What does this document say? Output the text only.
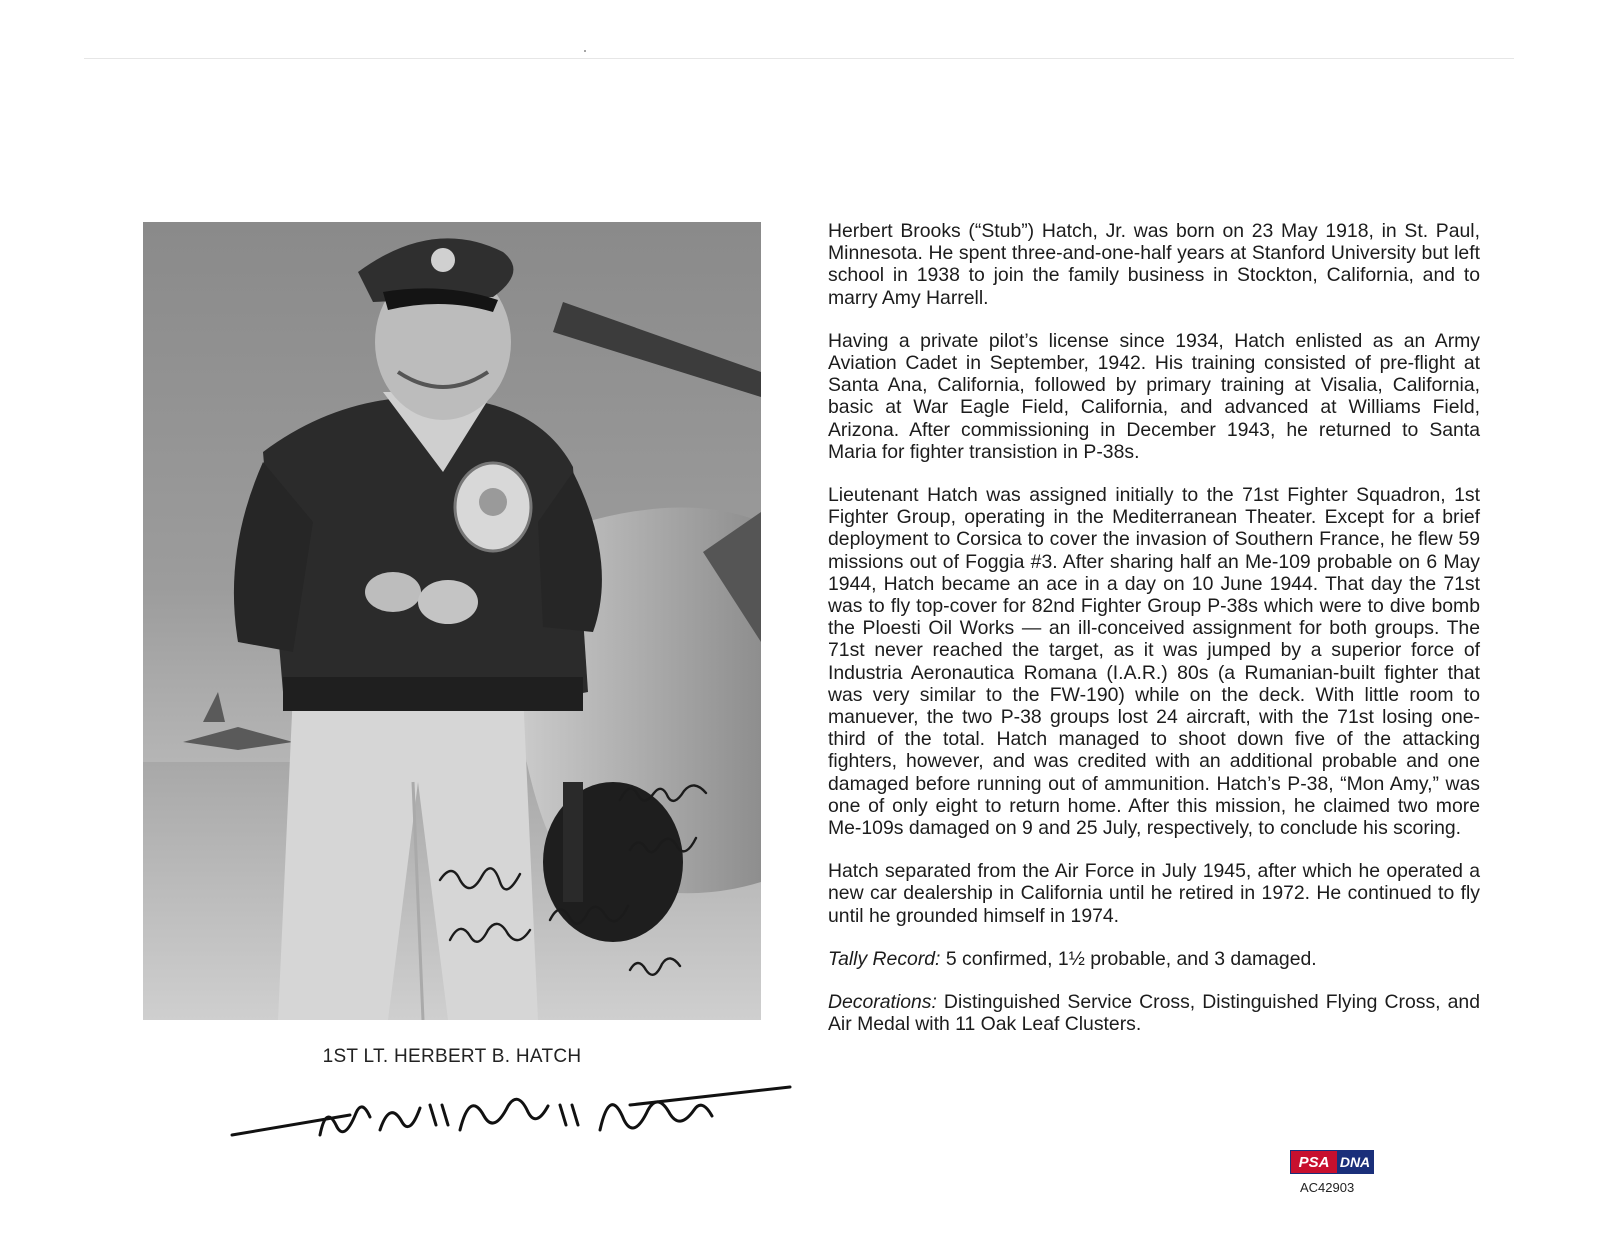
1ST LT. HERBERT B. HATCH

Herbert Brooks (“Stub”) Hatch, Jr. was born on 23 May 1918, in St. Paul, Minnesota. He spent three-and-one-half years at Stanford University but left school in 1938 to join the family business in Stockton, California, and to marry Amy Harrell.

Having a private pilot’s license since 1934, Hatch enlisted as an Army Aviation Cadet in September, 1942. His training consisted of pre-flight at Santa Ana, California, followed by primary training at Visalia, California, basic at War Eagle Field, California, and advanced at Williams Field, Arizona. After commissioning in December 1943, he returned to Santa Maria for fighter transistion in P-38s.

Lieutenant Hatch was assigned initially to the 71st Fighter Squadron, 1st Fighter Group, operating in the Mediterranean Theater. Except for a brief deployment to Corsica to cover the invasion of Southern France, he flew 59 missions out of Foggia #3. After sharing half an Me-109 probable on 6 May 1944, Hatch became an ace in a day on 10 June 1944. That day the 71st was to fly top-cover for 82nd Fighter Group P-38s which were to dive bomb the Ploesti Oil Works — an ill-conceived assignment for both groups. The 71st never reached the target, as it was jumped by a superior force of Industria Aeronautica Romana (I.A.R.) 80s (a Rumanian-built fighter that was very similar to the FW-190) while on the deck. With little room to manuever, the two P-38 groups lost 24 aircraft, with the 71st losing one-third of the total. Hatch managed to shoot down five of the attacking fighters, however, and was credited with an additional probable and one damaged before running out of ammunition. Hatch’s P-38, “Mon Amy,” was one of only eight to return home. After this mission, he claimed two more Me-109s damaged on 9 and 25 July, respectively, to conclude his scoring.

Hatch separated from the Air Force in July 1945, after which he operated a new car dealership in California until he retired in 1972. He continued to fly until he grounded himself in 1974.

Tally Record: 5 confirmed, 1½ probable, and 3 damaged.

Decorations: Distinguished Service Cross, Distinguished Flying Cross, and Air Medal with 11 Oak Leaf Clusters.

PSA DNA
AC42903
